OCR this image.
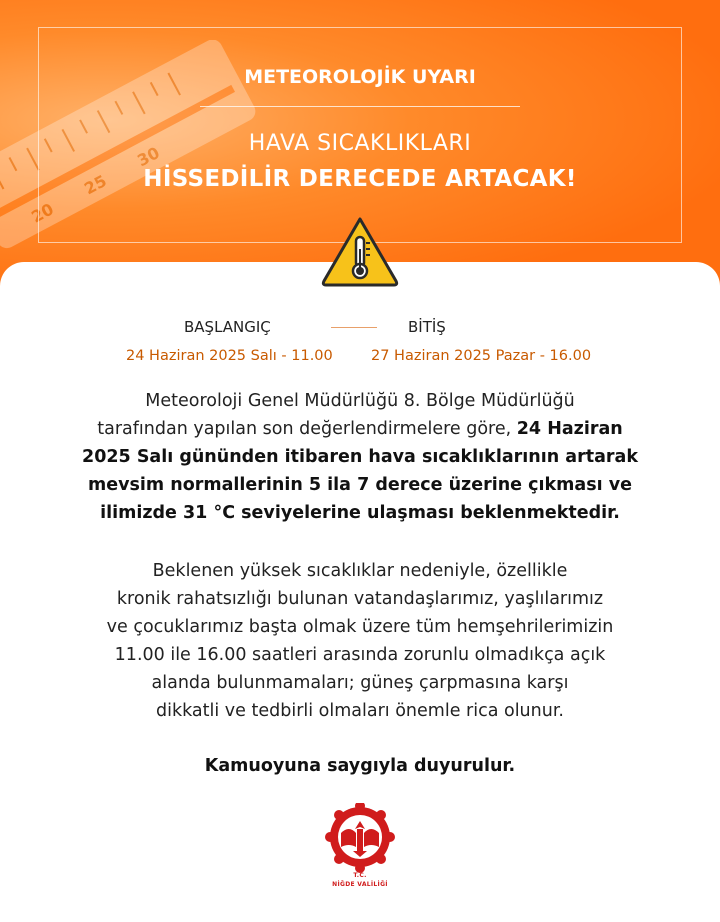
20
25
30
METEOROLOJİK UYARI
HAVA SICAKLIKLARI
HİSSEDİLİR DERECEDE ARTACAK!
BAŞLANGIÇ	BİTİŞ
24 Haziran 2025 Salı - 11.00	27 Haziran 2025 Pazar - 16.00
Meteoroloji Genel Müdürlüğü 8. Bölge Müdürlüğü
tarafından yapılan son değerlendirmelere göre, 24 Haziran
2025 Salı gününden itibaren hava sıcaklıklarının artarak
mevsim normallerinin 5 ila 7 derece üzerine çıkması ve
ilimizde 31 °C seviyelerine ulaşması beklenmektedir.
Beklenen yüksek sıcaklıklar nedeniyle, özellikle
kronik rahatsızlığı bulunan vatandaşlarımız, yaşlılarımız
ve çocuklarımız başta olmak üzere tüm hemşehrilerimizin
11.00 ile 16.00 saatleri arasında zorunlu olmadıkça açık
alanda bulunmamaları; güneş çarpmasına karşı
dikkatli ve tedbirli olmaları önemle rica olunur.
Kamuoyuna saygıyla duyurulur.
T.C.
NİĞDE VALİLİĞİ
